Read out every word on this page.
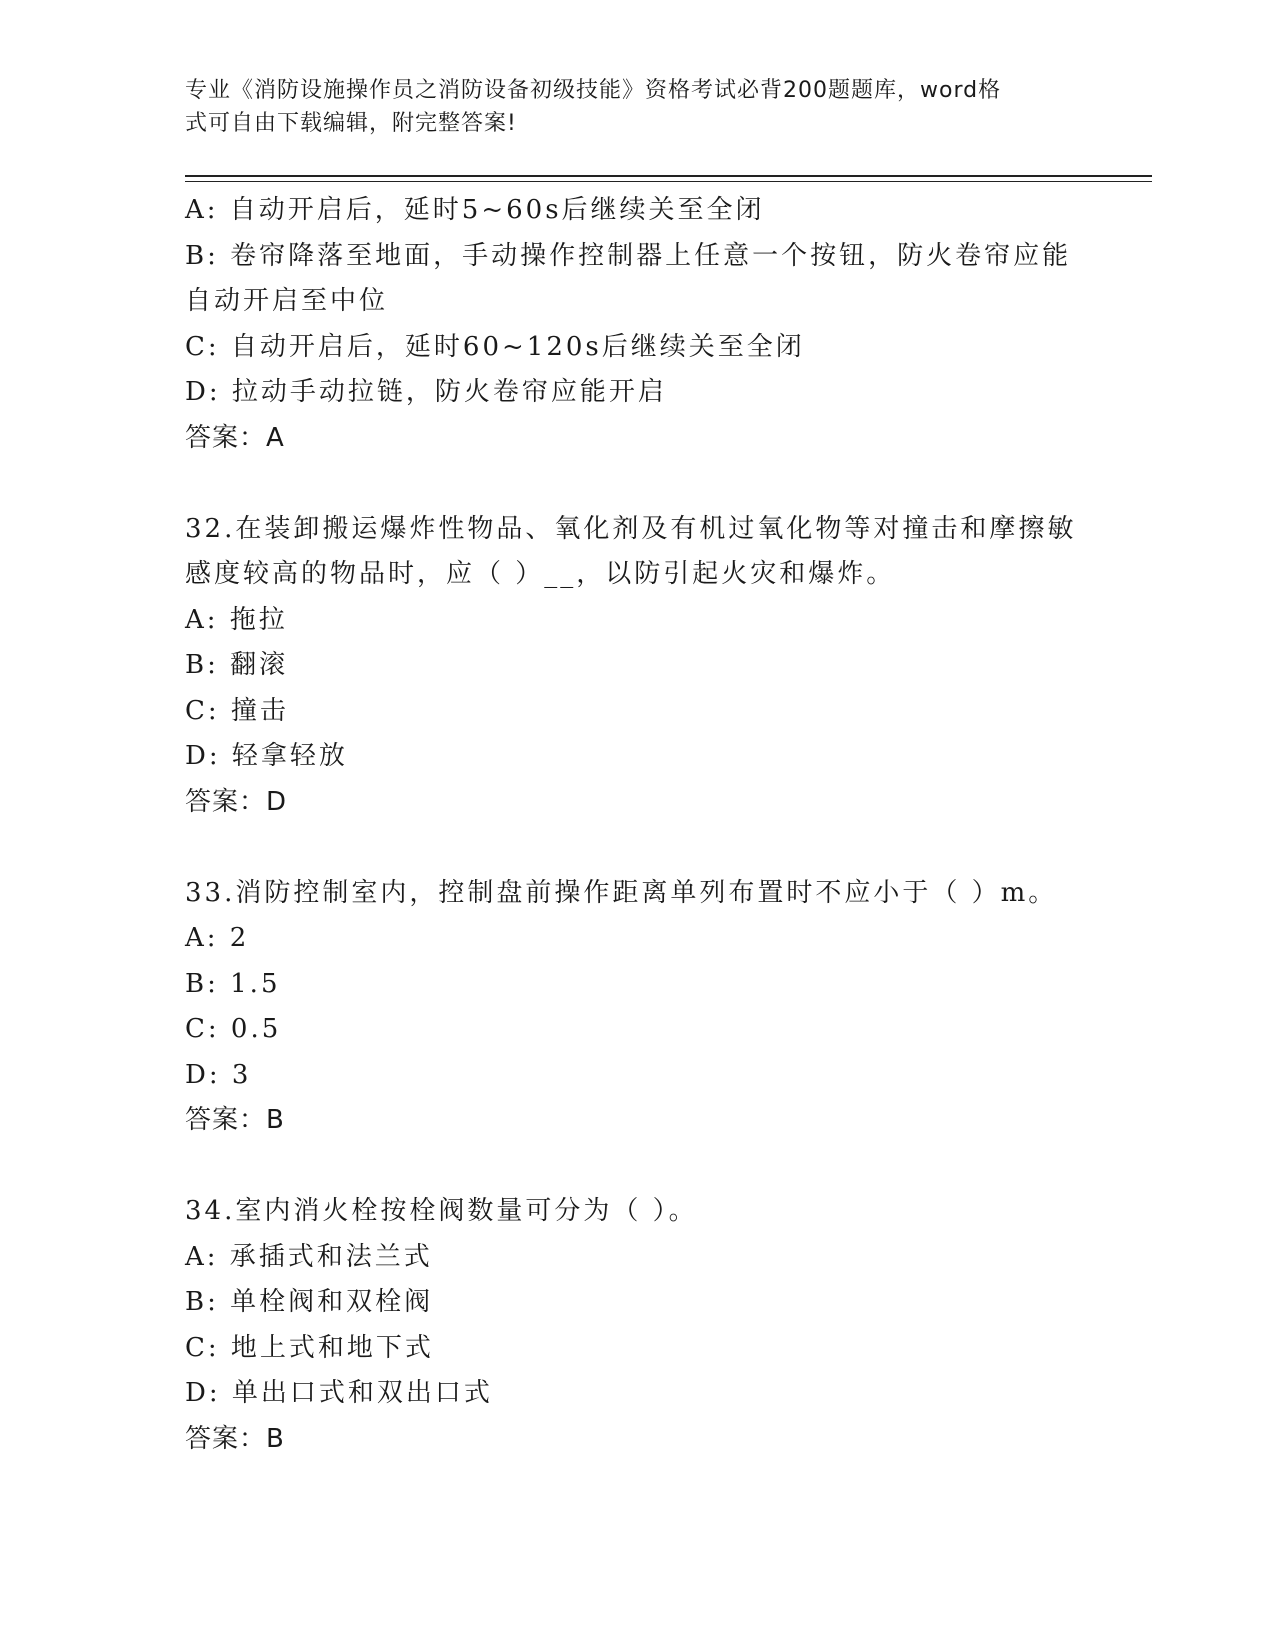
专业《消防设施操作员之消防设备初级技能》资格考试必背200题题库，word格
式可自由下载编辑，附完整答案!
A: 自动开启后，延时5~60s后继续关至全闭
B: 卷帘降落至地面，手动操作控制器上任意一个按钮，防火卷帘应能
自动开启至中位
C: 自动开启后，延时60~120s后继续关至全闭
D: 拉动手动拉链，防火卷帘应能开启
答案：A
32.在装卸搬运爆炸性物品、氧化剂及有机过氧化物等对撞击和摩擦敏
感度较高的物品时，应（ ）__，以防引起火灾和爆炸。
A: 拖拉
B: 翻滚
C: 撞击
D: 轻拿轻放
答案：D
33.消防控制室内，控制盘前操作距离单列布置时不应小于（ ）m。
A: 2
B: 1.5
C: 0.5
D: 3
答案：B
34.室内消火栓按栓阀数量可分为（ ）。
A: 承插式和法兰式
B: 单栓阀和双栓阀
C: 地上式和地下式
D: 单出口式和双出口式
答案：B
